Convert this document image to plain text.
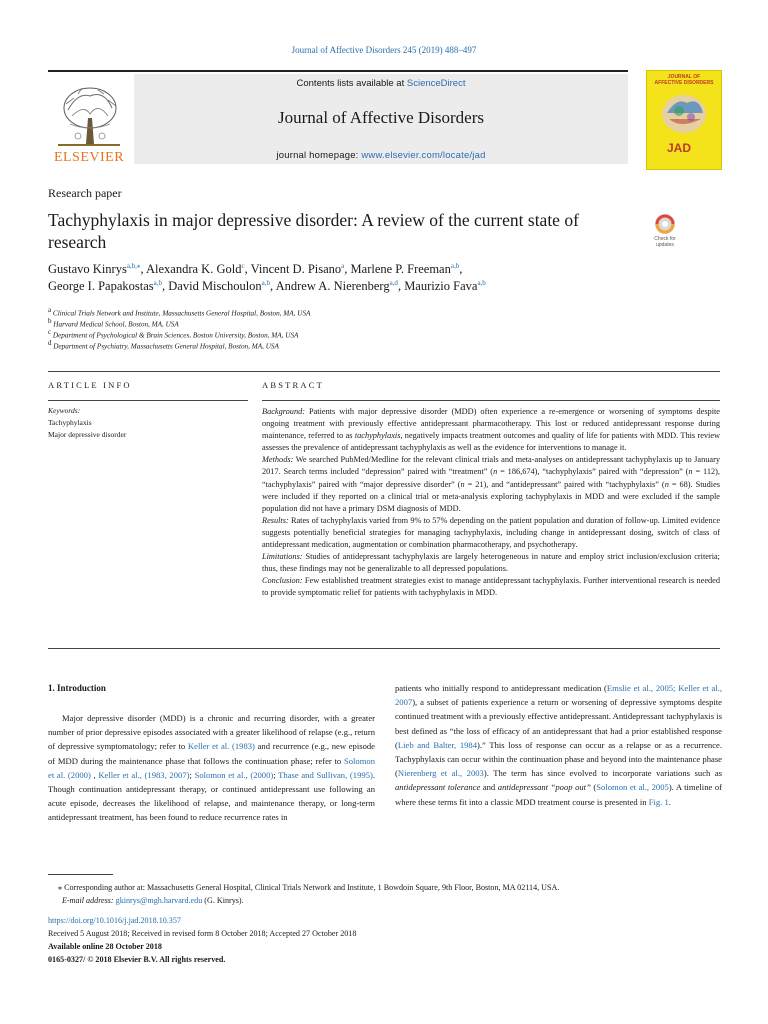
Journal of Affective Disorders 245 (2019) 488–497
ELSEVIER
Contents lists available at ScienceDirect
Journal of Affective Disorders
journal homepage: www.elsevier.com/locate/jad
JOURNAL OF
AFFECTIVE DISORDERS
JAD
Research paper
Tachyphylaxis in major depressive disorder: A review of the current state of research	Check for updates
Gustavo Kinrys$^{a,b,⁎}$, Alexandra K. Gold$^c$, Vincent D. Pisano$^a$, Marlene P. Freeman$^{a,b}$,
George I. Papakostas$^{a,b}$, David Mischoulon$^{a,b}$, Andrew A. Nierenberg$^{a,d}$, Maurizio Fava$^{a,b}$
$^a$ Clinical Trials Network and Institute, Massachusetts General Hospital, Boston, MA, USA
$^b$ Harvard Medical School, Boston, MA, USA
$^c$ Department of Psychological & Brain Sciences, Boston University, Boston, MA, USA
$^d$ Department of Psychiatry, Massachusetts General Hospital, Boston, MA, USA
ARTICLE INFO	ABSTRACT
Keywords:
Tachyphylaxis
Major depressive disorder

Background: Patients with major depressive disorder (MDD) often experience a re-emergence or worsening of symptoms despite ongoing treatment with previously effective antidepressant pharmacotherapy. This lost or reduced antidepressant response during maintenance, referred to as tachyphylaxis, negatively impacts treatment outcomes and quality of life for patients with MDD. This review assesses the prevalence of antidepressant tachyphylaxis as well as the evidence for interventions to manage it.

Methods: We searched PubMed/Medline for the relevant clinical trials and meta-analyses on antidepressant tachyphylaxis up to January 2017. Search terms included “depression” paired with “treatment” (n = 186,674), “tachyphylaxis” paired with “depression” (n = 112), “tachyphylaxis” paired with “major depressive disorder” (n = 21), and “antidepressant” paired with “tachyphylaxis” (n = 68). Studies were included if they reported on a clinical trial or meta-analysis exploring tachyphylaxis in MDD and were excluded if the sample population did not have a primary DSM diagnosis of MDD.

Results: Rates of tachyphylaxis varied from 9% to 57% depending on the patient population and duration of follow-up. Limited evidence suggests potentially beneficial strategies for managing tachyphylaxis, including change in antidepressant dosing, switch of class of antidepressant medication, augmentation or combination pharmacotherapy, and psychotherapy.

Limitations: Studies of antidepressant tachyphylaxis are largely heterogeneous in nature and employ strict inclusion/exclusion criteria; thus, these findings may not be generalizable to all depressed populations.

Conclusion: Few established treatment strategies exist to manage antidepressant tachyphylaxis. Further interventional research is needed to provide symptomatic relief for patients with tachyphylaxis in MDD.

1. Introduction

Major depressive disorder (MDD) is a chronic and recurring disorder, with a greater number of prior depressive episodes associated with a greater likelihood of relapse (e.g., return of depressive symptomatology; refer to Keller et al. (1983) and recurrence (e.g., new episode of MDD during the maintenance phase that follows the continuation phase; refer to Solomon et al. (2000) , Keller et al., (1983, 2007); Solomon et al., (2000); Thase and Sullivan, (1995). Though continuation antidepressant therapy, or continued antidepressant use following an acute episode, decreases the likelihood of relapse, and maintenance therapy, or long-term antidepressant treatment, has been found to reduce recurrence rates in

patients who initially respond to antidepressant medication (Emslie et al., 2005; Keller et al., 2007), a subset of patients experience a return or worsening of depressive symptoms despite continued treatment with a previously effective antidepressant. Antidepressant tachyphylaxis is best defined as “the loss of efficacy of an antidepressant that had a prior established response (Lieb and Balter, 1984).” This loss of response can occur as a relapse or as a recurrence. Tachyphylaxis can occur within the continuation phase and beyond into the maintenance phase (Nierenberg et al., 2003). The term has since evolved to incorporate variations such as antidepressant tolerance and antidepressant “poop out” (Solomon et al., 2005). A timeline of where these terms fit into a classic MDD treatment course is presented in Fig. 1.

⁎ Corresponding author at: Massachusetts General Hospital, Clinical Trials Network and Institute, 1 Bowdoin Square, 9th Floor, Boston, MA 02114, USA.
E-mail address: gkinrys@mgh.harvard.edu (G. Kinrys).
https://doi.org/10.1016/j.jad.2018.10.357
Received 5 August 2018; Received in revised form 8 October 2018; Accepted 27 October 2018
Available online 28 October 2018
0165-0327/ © 2018 Elsevier B.V. All rights reserved.
